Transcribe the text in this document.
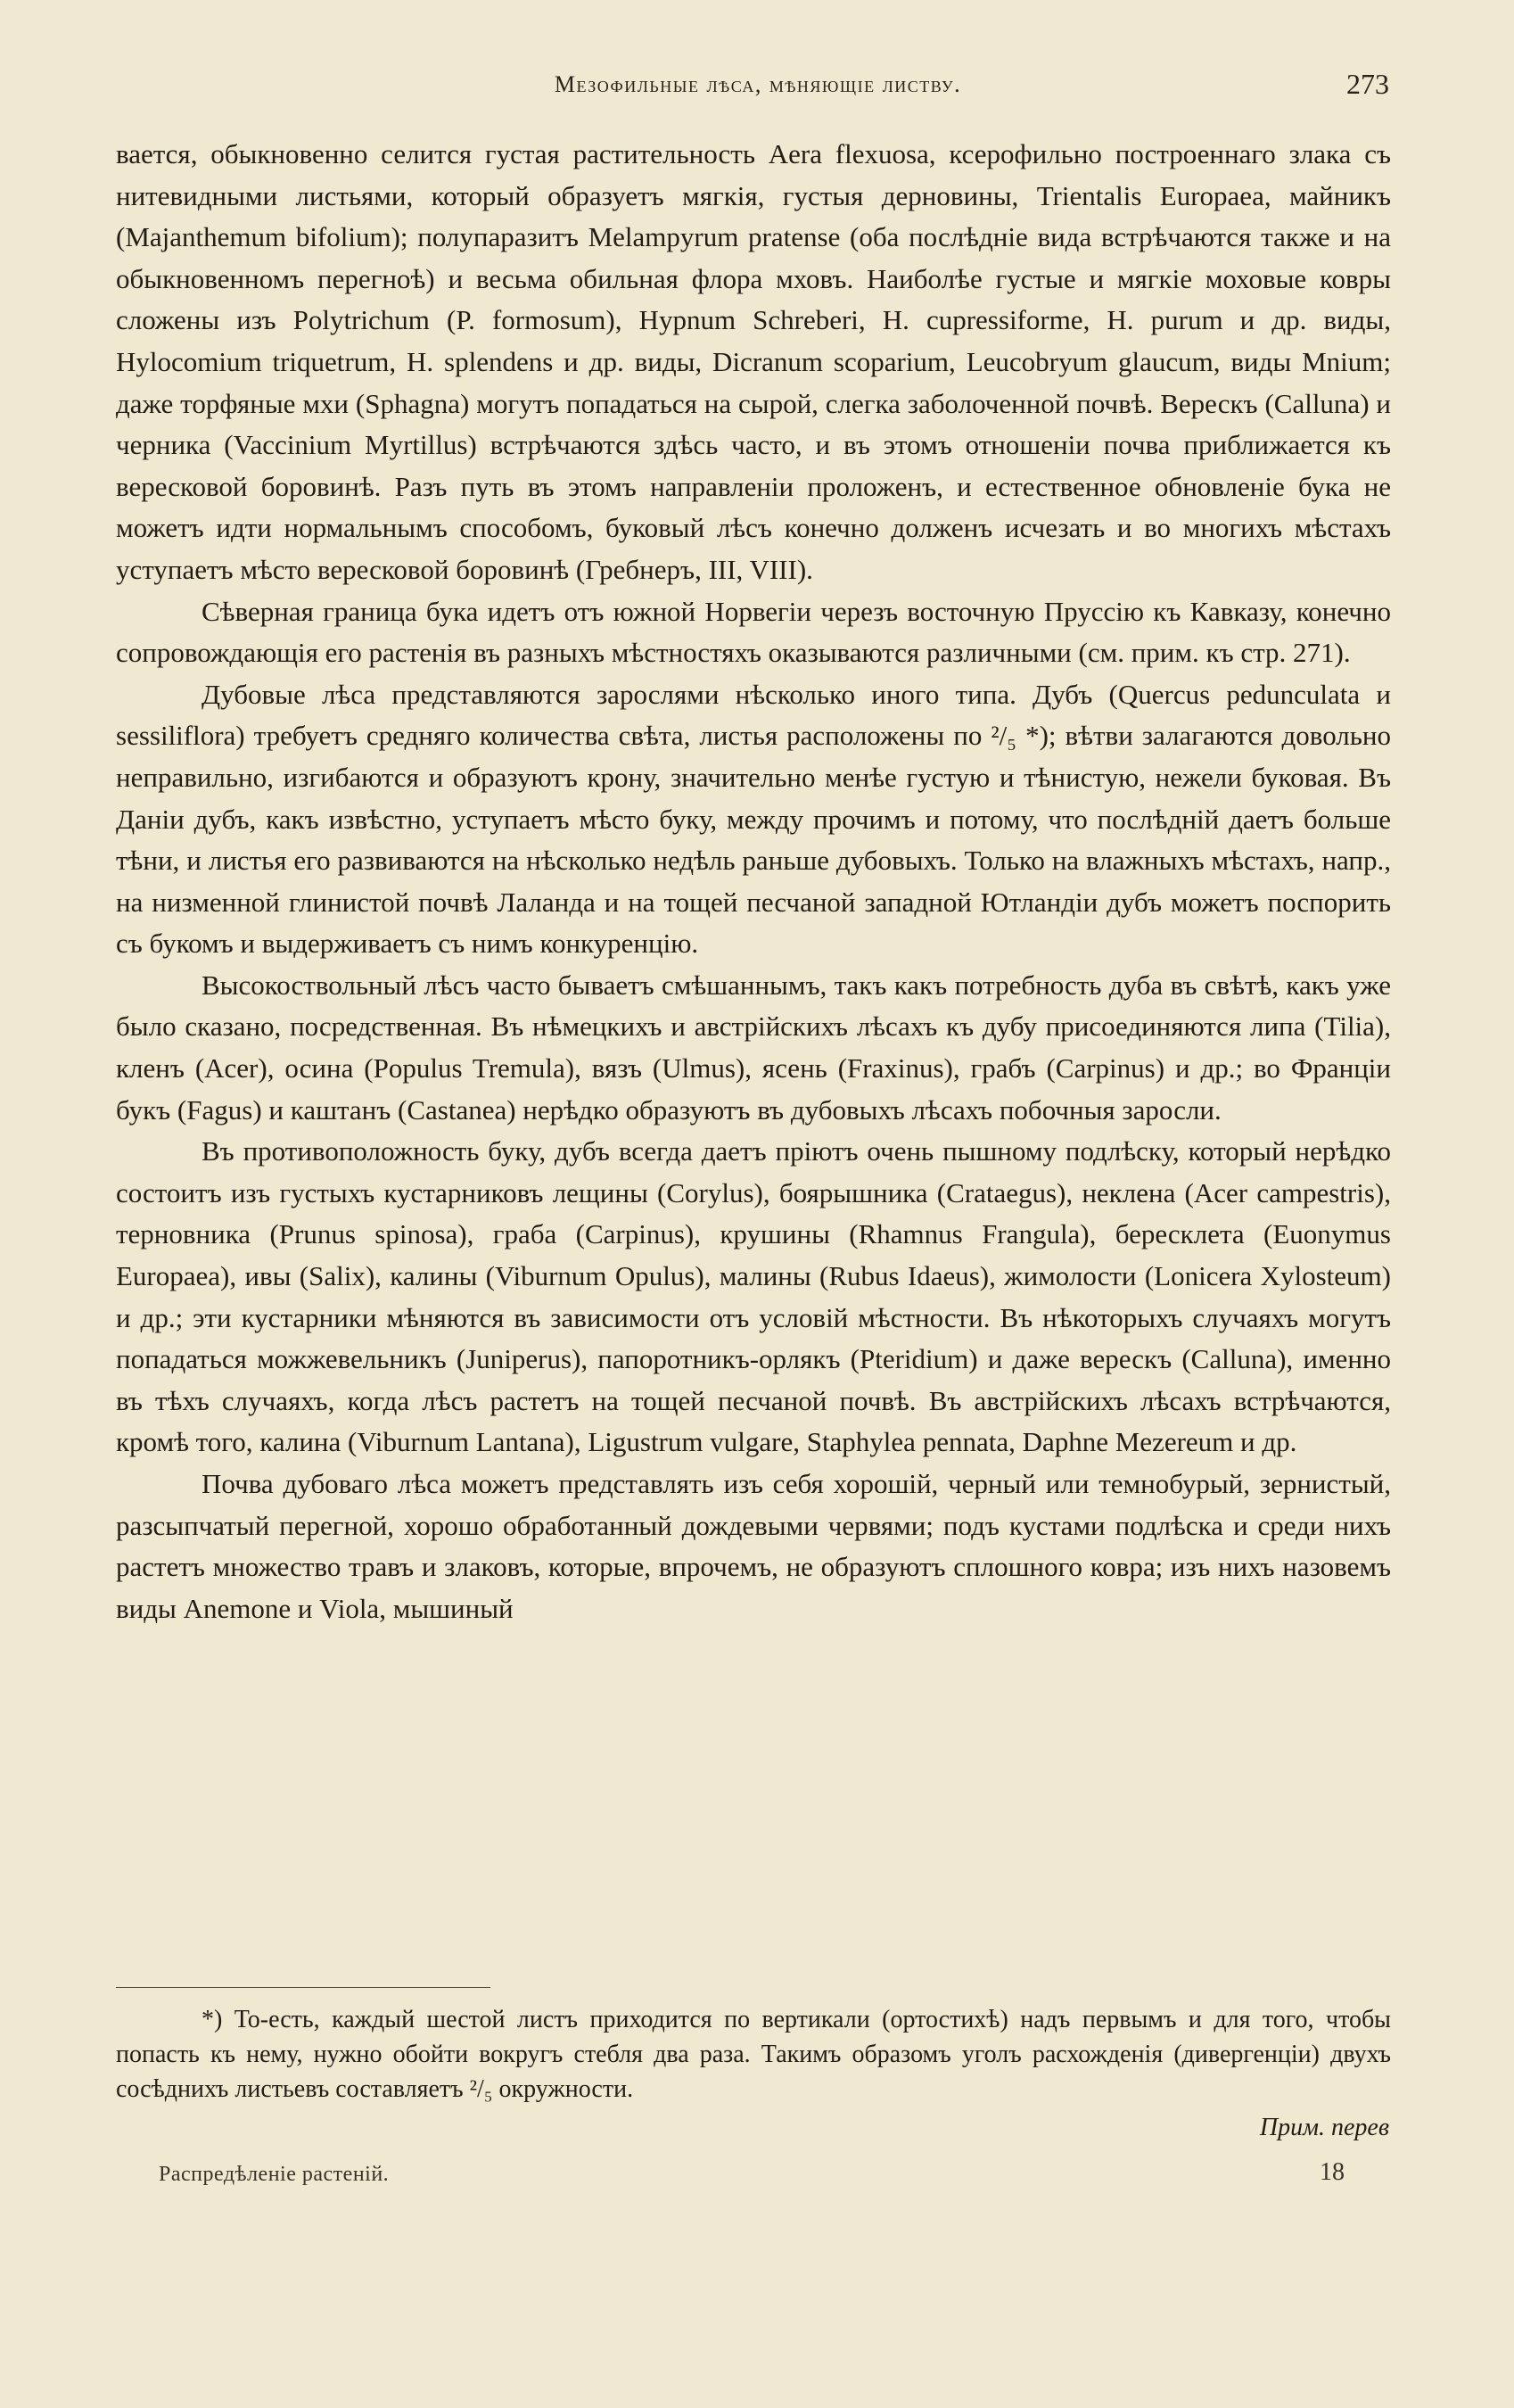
Мезофильные лѣса, мѣняющіе листву.	273

вается, обыкновенно селится густая растительность Aera flexuosa, ксерофильно построеннаго злака съ нитевидными листьями, который образуетъ мягкія, густыя дерновины, Trientalis Europaea, майникъ (Majanthemum bifolium); полупаразитъ Melampyrum pratense (оба послѣдніе вида встрѣчаются также и на обыкновенномъ перегноѣ) и весьма обильная флора мховъ. Наиболѣе густые и мягкіе моховые ковры сложены изъ Polytrichum (P. formosum), Hypnum Schreberi, H. cupressiforme, H. purum и др. виды, Hylocomium triquetrum, H. splendens и др. виды, Dicranum scoparium, Leucobryum glaucum, виды Mnium; даже торфяные мхи (Sphagna) могутъ попадаться на сырой, слегка заболоченной почвѣ. Верескъ (Calluna) и черника (Vaccinium Myrtillus) встрѣчаются здѣсь часто, и въ этомъ отношеніи почва приближается къ вересковой боровинѣ. Разъ путь въ этомъ направленіи проложенъ, и естественное обновленіе бука не можетъ идти нормальнымъ способомъ, буковый лѣсъ конечно долженъ исчезать и во многихъ мѣстахъ уступаетъ мѣсто вересковой боровинѣ (Гребнеръ, III, VIII).

Сѣверная граница бука идетъ отъ южной Норвегіи черезъ восточную Пруссію къ Кавказу, конечно сопровождающія его растенія въ разныхъ мѣстностяхъ оказываются различными (см. прим. къ стр. 271).

Дубовые лѣса представляются зарослями нѣсколько иного типа. Дубъ (Quercus pedunculata и sessiliflora) требуетъ средняго количества свѣта, листья расположены по ²/₅ *); вѣтви залагаются довольно неправильно, изгибаются и образуютъ крону, значительно менѣе густую и тѣнистую, нежели буковая. Въ Даніи дубъ, какъ извѣстно, уступаетъ мѣсто буку, между прочимъ и потому, что послѣдній даетъ больше тѣни, и листья его развиваются на нѣсколько недѣль раньше дубовыхъ. Только на влажныхъ мѣстахъ, напр., на низменной глинистой почвѣ Лаланда и на тощей песчаной западной Ютландіи дубъ можетъ поспорить съ букомъ и выдерживаетъ съ нимъ конкуренцію.

Высокоствольный лѣсъ часто бываетъ смѣшаннымъ, такъ какъ потребность дуба въ свѣтѣ, какъ уже было сказано, посредственная. Въ нѣмецкихъ и австрійскихъ лѣсахъ къ дубу присоединяются липа (Tilia), кленъ (Acer), осина (Populus Tremula), вязъ (Ulmus), ясень (Fraxinus), грабъ (Carpinus) и др.; во Франціи букъ (Fagus) и каштанъ (Castanea) нерѣдко образуютъ въ дубовыхъ лѣсахъ побочныя заросли.

Въ противоположность буку, дубъ всегда даетъ пріютъ очень пышному подлѣску, который нерѣдко состоитъ изъ густыхъ кустарниковъ лещины (Corylus), боярышника (Crataegus), неклена (Acer campestris), терновника (Prunus spinosa), граба (Carpinus), крушины (Rhamnus Frangula), бересклета (Euonymus Europaea), ивы (Salix), калины (Viburnum Opulus), малины (Rubus Idaeus), жимолости (Lonicera Xylosteum) и др.; эти кустарники мѣняются въ зависимости отъ условій мѣстности. Въ нѣкоторыхъ случаяхъ могутъ попадаться можжевельникъ (Juniperus), папоротникъ-орлякъ (Pteridium) и даже верескъ (Calluna), именно въ тѣхъ случаяхъ, когда лѣсъ растетъ на тощей песчаной почвѣ. Въ австрійскихъ лѣсахъ встрѣчаются, кромѣ того, калина (Viburnum Lantana), Ligustrum vulgare, Staphylea pennata, Daphne Mezereum и др.

Почва дубоваго лѣса можетъ представлять изъ себя хорошій, черный или темнобурый, зернистый, разсыпчатый перегной, хорошо обработанный дождевыми червями; подъ кустами подлѣска и среди нихъ растетъ множество травъ и злаковъ, которые, впрочемъ, не образуютъ сплошного ковра; изъ нихъ назовемъ виды Anemone и Viola, мышиный

*) То-есть, каждый шестой листъ приходится по вертикали (ортостихѣ) надъ первымъ и для того, чтобы попасть къ нему, нужно обойти вокругъ стебля два раза. Такимъ образомъ уголъ расхожденія (дивергенціи) двухъ сосѣднихъ листьевъ составляетъ ²/₅ окружности.

Прим. перев
Распредѣленіе растеній.	18
